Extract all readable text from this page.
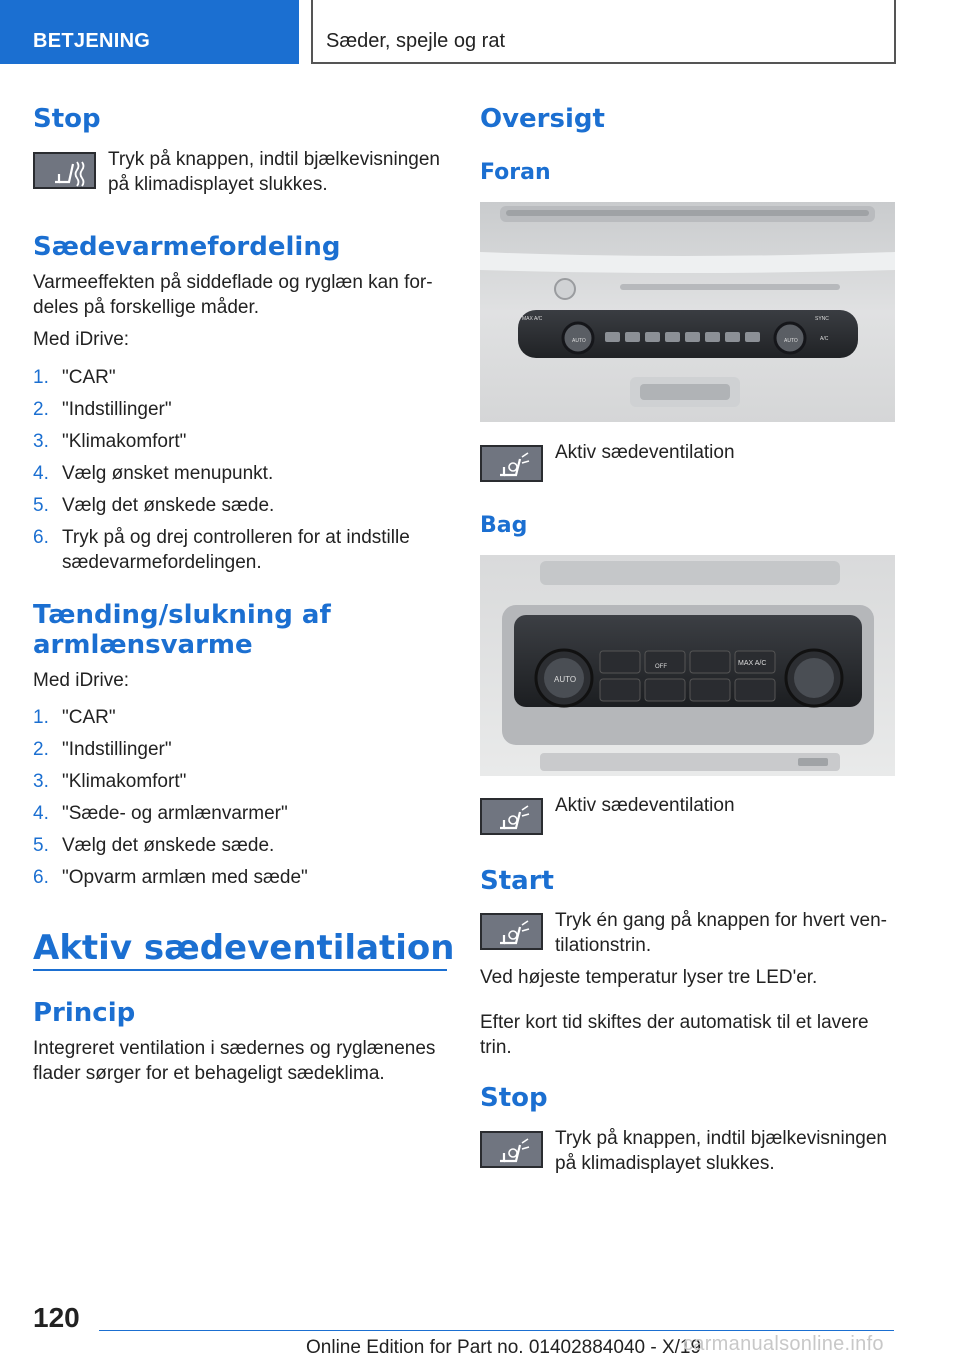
BETJENING	Sæder, spejle og rat
Stop
Tryk på knappen, indtil bjælkevisningen på klimadisplayet slukkes.
Sædevarmefordeling
Varmeeffekten på siddeflade og ryglæn kan for-
deles på forskellige måder.
Med iDrive:
1. "CAR"
2. "Indstillinger"
3. "Klimakomfort"
4. Vælg ønsket menupunkt.
5. Vælg det ønskede sæde.
6. Tryk på og drej controlleren for at indstille sædevarmefordelingen.
Tænding/slukning af
armlænsvarme
Med iDrive:
1. "CAR"
2. "Indstillinger"
3. "Klimakomfort"
4. "Sæde- og armlænvarmer"
5. Vælg det ønskede sæde.
6. "Opvarm armlæn med sæde"
Aktiv sædeventilation
Princip
Integreret ventilation i sædernes og ryglænenes
flader sørger for et behageligt sædeklima.
Oversigt
Foran
MAX A/C	SYNC
AUTO	AUTO	A/C
Aktiv sædeventilation
Bag
AUTO
MAX A/C
OFF
Aktiv sædeventilation
Start
Tryk én gang på knappen for hvert ven-
tilationstrin.
Ved højeste temperatur lyser tre LED'er.
Efter kort tid skiftes der automatisk til et lavere
trin.
Stop
Tryk på knappen, indtil bjælkevisningen
på klimadisplayet slukkes.
120
Online Edition for Part no. 01402884040 - X/19
carmanualsonline.info
